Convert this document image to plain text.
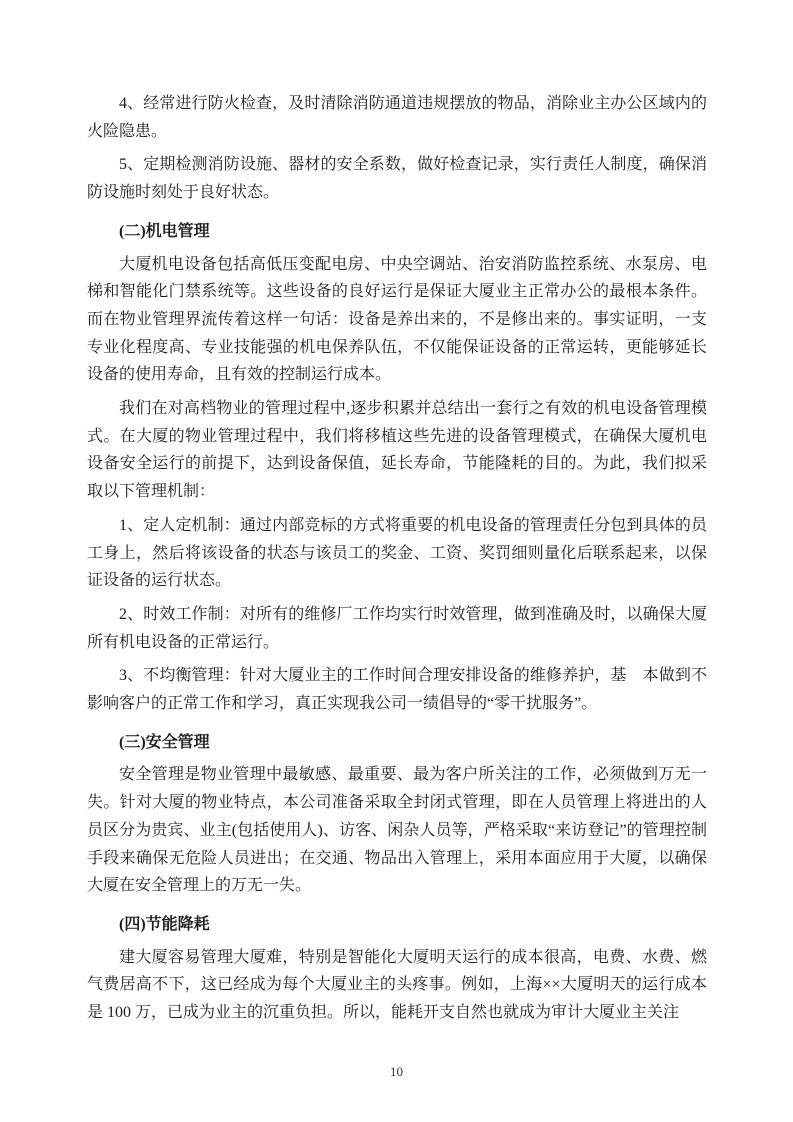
4、经常进行防火检查，及时清除消防通道违规摆放的物品，消除业主办公区域内的火险隐患。

5、定期检测消防设施、器材的安全系数，做好检查记录，实行责任人制度，确保消防设施时刻处于良好状态。

(二)机电管理

大厦机电设备包括高低压变配电房、中央空调站、治安消防监控系统、水泵房、电梯和智能化门禁系统等。这些设备的良好运行是保证大厦业主正常办公的最根本条件。而在物业管理界流传着这样一句话：设备是养出来的，不是修出来的。事实证明，一支专业化程度高、专业技能强的机电保养队伍，不仅能保证设备的正常运转，更能够延长设备的使用寿命，且有效的控制运行成本。

我们在对高档物业的管理过程中,逐步积累并总结出一套行之有效的机电设备管理模式。在大厦的物业管理过程中，我们将移植这些先进的设备管理模式，在确保大厦机电设备安全运行的前提下，达到设备保值，延长寿命，节能隆耗的目的。为此，我们拟采取以下管理机制：

1、定人定机制：通过内部竞标的方式将重要的机电设备的管理责任分包到具体的员工身上，然后将该设备的状态与该员工的奖金、工资、奖罚细则量化后联系起来，以保证设备的运行状态。

2、时效工作制：对所有的维修厂工作均实行时效管理，做到准确及时，以确保大厦所有机电设备的正常运行。

3、不均衡管理：针对大厦业主的工作时间合理安排设备的维修养护，基　本做到不影响客户的正常工作和学习，真正实现我公司一绩倡导的“零干扰服务”。

(三)安全管理

安全管理是物业管理中最敏感、最重要、最为客户所关注的工作，必须做到万无一失。针对大厦的物业特点，本公司准备采取全封闭式管理，即在人员管理上将进出的人员区分为贵宾、业主(包括使用人)、访客、闲杂人员等，严格采取“来访登记”的管理控制手段来确保无危险人员进出；在交通、物品出入管理上，采用本面应用于大厦，以确保大厦在安全管理上的万无一失。

(四)节能降耗

建大厦容易管理大厦难，特别是智能化大厦明天运行的成本很高，电费、水费、燃气费居高不下，这已经成为每个大厦业主的头疼事。例如，上海××大厦明天的运行成本是 100 万，已成为业主的沉重负担。所以，能耗开支自然也就成为审计大厦业主关注

10
